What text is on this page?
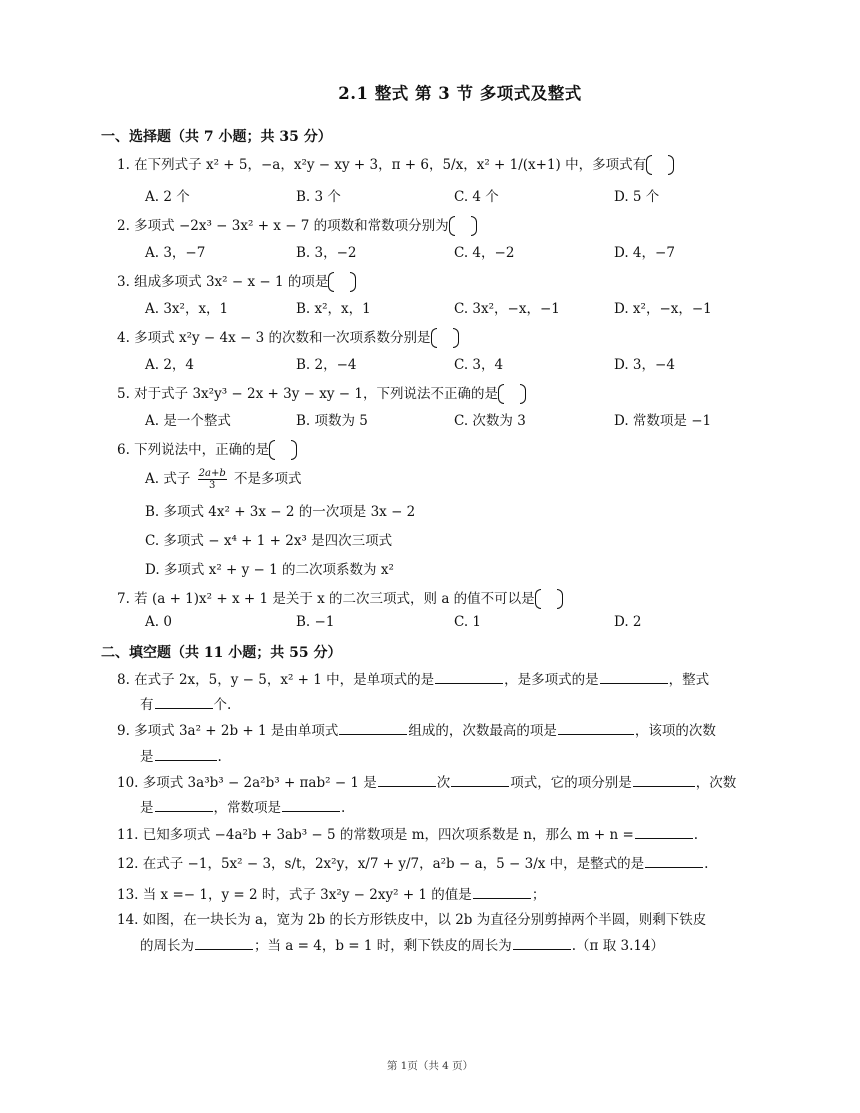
2.1 整式 第 3 节 多项式及整式
一、选择题（共 7 小题；共 35 分）
1. 在下列式子 x² + 5，−a，x²y − xy + 3，π + 6，5/x，x² + 1/(x+1) 中，多项式有
A. 2 个	B. 3 个	C. 4 个	D. 5 个
2. 多项式 −2x³ − 3x² + x − 7 的项数和常数项分别为
A. 3，−7	B. 3，−2	C. 4，−2	D. 4，−7
3. 组成多项式 3x² − x − 1 的项是
A. 3x²，x，1	B. x²，x，1	C. 3x²，−x，−1	D. x²，−x，−1
4. 多项式 x²y − 4x − 3 的次数和一次项系数分别是
A. 2，4	B. 2，−4	C. 3，4	D. 3，−4
5. 对于式子 3x²y³ − 2x + 3y − xy − 1，下列说法不正确的是
A. 是一个整式	B. 项数为 5	C. 次数为 3	D. 常数项是 −1
6. 下列说法中，正确的是
A. 式子 $\frac{2a+b}{3}$ 不是多项式
B. 多项式 4x² + 3x − 2 的一次项是 3x − 2
C. 多项式 − x⁴ + 1 + 2x³ 是四次三项式
D. 多项式 x² + y − 1 的二次项系数为 x²
7. 若 (a + 1)x² + x + 1 是关于 x 的二次三项式，则 a 的值不可以是
A. 0	B. −1	C. 1	D. 2
二、填空题（共 11 小题；共 55 分）
8. 在式子 2x，5，y − 5，x² + 1 中，是单项式的是	，是多项式的是	，整式
有	个.
9. 多项式 3a² + 2b + 1 是由单项式	组成的，次数最高的项是	，该项的次数
是	.
10. 多项式 3a³b³ − 2a²b³ + πab² − 1 是	次	项式，它的项分别是	，次数
是	，常数项是	.
11. 已知多项式 −4a²b + 3ab³ − 5 的常数项是 m，四次项系数是 n，那么 m + n =	.
12. 在式子 −1，5x² − 3，s/t，2x²y，x/7 + y/7，a²b − a，5 − 3/x 中，是整式的是	.
13. 当 x =− 1，y = 2 时，式子 3x²y − 2xy² + 1 的值是	；
14. 如图，在一块长为 a，宽为 2b 的长方形铁皮中，以 2b 为直径分别剪掉两个半圆，则剩下铁皮
的周长为	；当 a = 4，b = 1 时，剩下铁皮的周长为	.（π 取 3.14）
第 1页（共 4 页）
